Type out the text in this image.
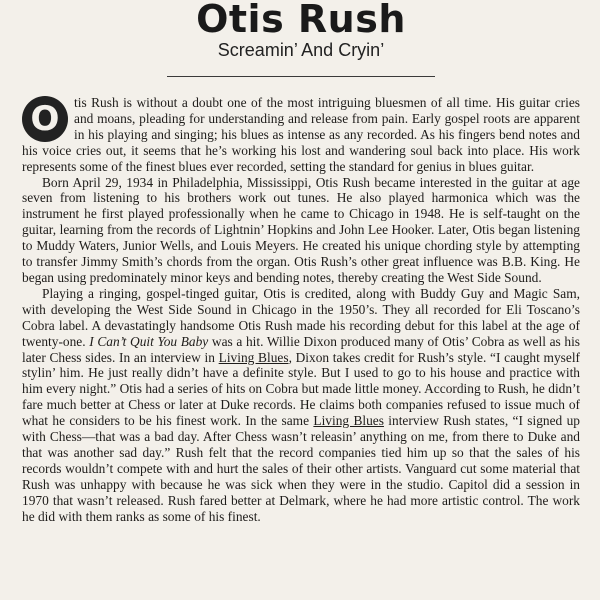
Otis Rush
Screamin’ And Cryin’

O	tis Rush is without a doubt one of the most intriguing bluesmen of all time. His guitar cries and moans, pleading for understanding and release from pain. Early gospel roots are apparent in his playing and singing; his blues as intense as any recorded. As his fingers bend notes and his voice cries out, it seems that he’s working his lost and wandering soul back into place. His work represents some of the finest blues ever recorded, setting the standard for genius in blues guitar.

Born April 29, 1934 in Philadelphia, Mississippi, Otis Rush became interested in the guitar at age seven from listening to his brothers work out tunes. He also played harmonica which was the instrument he first played professionally when he came to Chicago in 1948. He is self-taught on the guitar, learning from the records of Lightnin’ Hopkins and John Lee Hooker. Later, Otis began listening to Muddy Waters, Junior Wells, and Louis Meyers. He created his unique chording style by attempting to transfer Jimmy Smith’s chords from the organ. Otis Rush’s other great influence was B.B. King. He began using predominately minor keys and bending notes, thereby creating the West Side Sound.

Playing a ringing, gospel-tinged guitar, Otis is credited, along with Buddy Guy and Magic Sam, with developing the West Side Sound in Chicago in the 1950’s. They all recorded for Eli Toscano’s Cobra label. A devastatingly handsome Otis Rush made his recording debut for this label at the age of twenty-one. I Can’t Quit You Baby was a hit. Willie Dixon produced many of Otis’ Cobra as well as his later Chess sides. In an interview in Living Blues, Dixon takes credit for Rush’s style. “I caught myself stylin’ him. He just really didn’t have a definite style. But I used to go to his house and practice with him every night.” Otis had a series of hits on Cobra but made little money. According to Rush, he didn’t fare much better at Chess or later at Duke records. He claims both companies refused to issue much of what he considers to be his finest work. In the same Living Blues interview Rush states, “I signed up with Chess—that was a bad day. After Chess wasn’t releasin’ anything on me, from there to Duke and that was another sad day.” Rush felt that the record companies tied him up so that the sales of his records wouldn’t compete with and hurt the sales of their other artists. Vanguard cut some material that Rush was unhappy with because he was sick when they were in the studio. Capitol did a session in 1970 that wasn’t released. Rush fared better at Delmark, where he had more artistic control. The work he did with them ranks as some of his finest.
